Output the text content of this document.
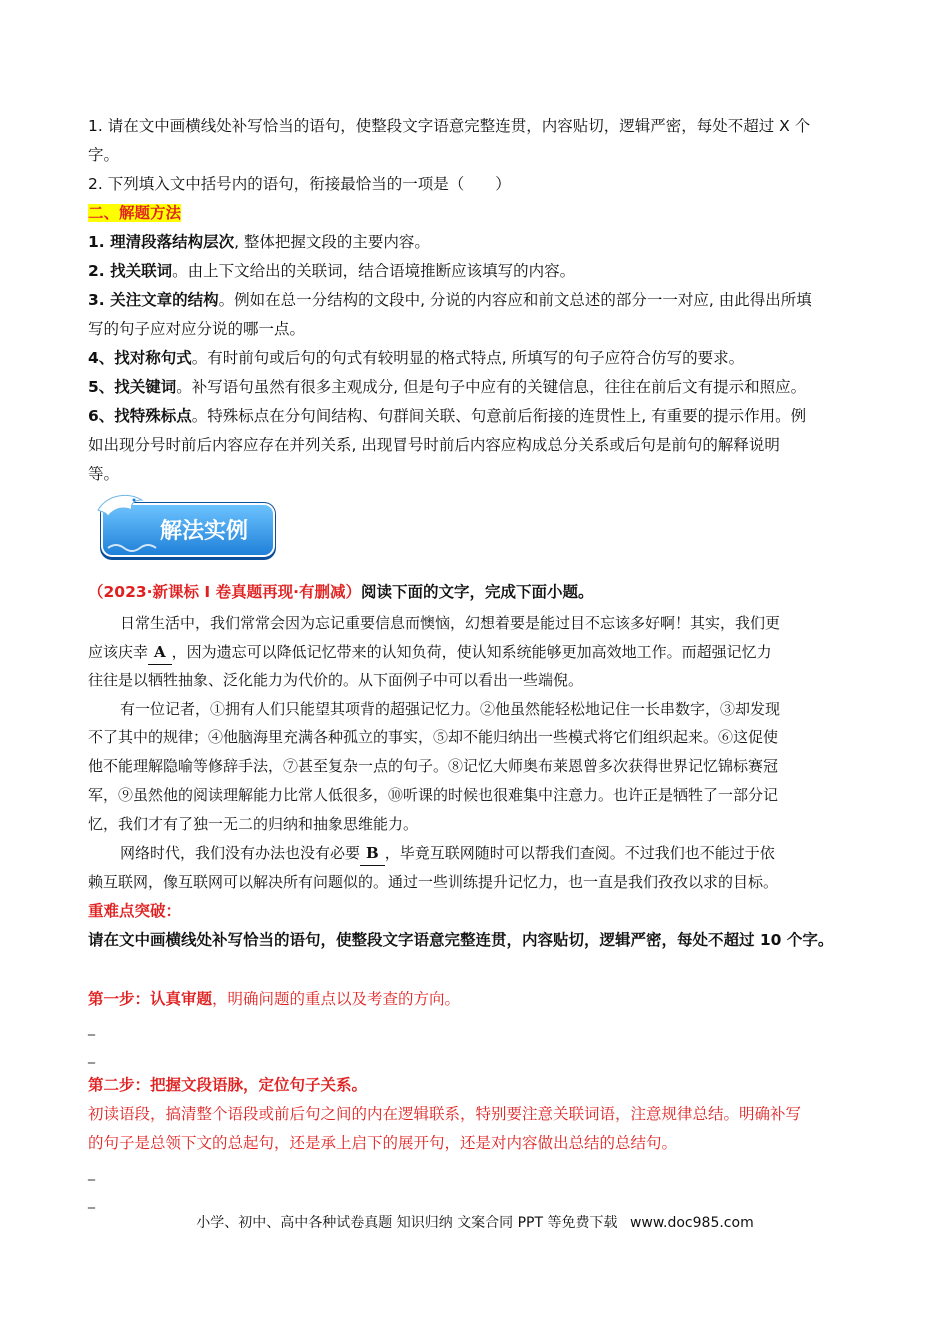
1. 请在文中画横线处补写恰当的语句，使整段文字语意完整连贯，内容贴切，逻辑严密，每处不超过 X 个
字。
2. 下列填入文中括号内的语句，衔接最恰当的一项是（　　）
二、解题方法
1. 理清段落结构层次, 整体把握文段的主要内容。
2. 找关联词。由上下文给出的关联词，结合语境推断应该填写的内容。
3. 关注文章的结构。例如在总一分结构的文段中, 分说的内容应和前文总述的部分一一对应, 由此得出所填
写的句子应对应分说的哪一点。
4、找对称句式。有时前句或后句的句式有较明显的格式特点, 所填写的句子应符合仿写的要求。
5、找关键词。补写语句虽然有很多主观成分, 但是句子中应有的关键信息，往往在前后文有提示和照应。
6、找特殊标点。特殊标点在分句间结构、句群间关联、句意前后衔接的连贯性上, 有重要的提示作用。例
如出现分号时前后内容应存在并列关系, 出现冒号时前后内容应构成总分关系或后句是前句的解释说明
等。
解法实例
（2023·新课标 I 卷真题再现·有删减）阅读下面的文字，完成下面小题。
日常生活中，我们常常会因为忘记重要信息而懊恼，幻想着要是能过目不忘该多好啊！其实，我们更
应该庆幸 A ，因为遗忘可以降低记忆带来的认知负荷，使认知系统能够更加高效地工作。而超强记忆力
往往是以牺牲抽象、泛化能力为代价的。从下面例子中可以看出一些端倪。
有一位记者，①拥有人们只能望其项背的超强记忆力。②他虽然能轻松地记住一长串数字，③却发现
不了其中的规律；④他脑海里充满各种孤立的事实，⑤却不能归纳出一些模式将它们组织起来。⑥这促使
他不能理解隐喻等修辞手法，⑦甚至复杂一点的句子。⑧记忆大师奥布莱恩曾多次获得世界记忆锦标赛冠
军，⑨虽然他的阅读理解能力比常人低很多，⑩听课的时候也很难集中注意力。也许正是牺牲了一部分记
忆，我们才有了独一无二的归纳和抽象思维能力。
网络时代，我们没有办法也没有必要 B ，毕竟互联网随时可以帮我们查阅。不过我们也不能过于依
赖互联网，像互联网可以解决所有问题似的。通过一些训练提升记忆力，也一直是我们孜孜以求的目标。
重难点突破：
请在文中画横线处补写恰当的语句，使整段文字语意完整连贯，内容贴切，逻辑严密，每处不超过 10 个字。
第一步：认真审题，明确问题的重点以及考查的方向。
_
_
第二步：把握文段语脉，定位句子关系。
初读语段，搞清整个语段或前后句之间的内在逻辑联系，特别要注意关联词语，注意规律总结。明确补写
的句子是总领下文的总起句，还是承上启下的展开句，还是对内容做出总结的总结句。
_
_
小学、初中、高中各种试卷真题 知识归纳 文案合同 PPT 等免费下载 www.doc985.com
